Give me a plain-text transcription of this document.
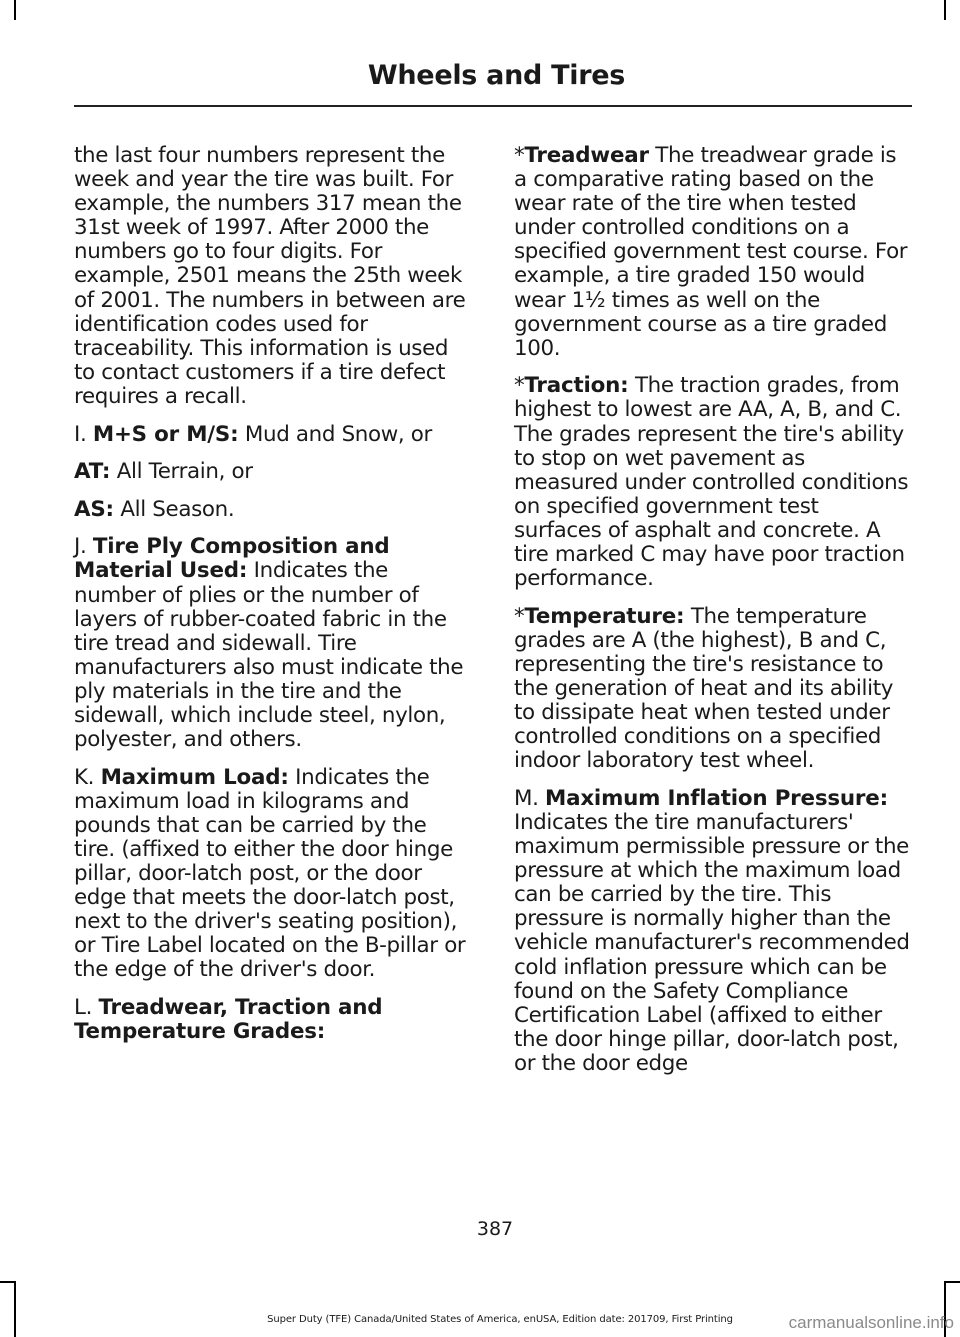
Wheels and Tires

the last four numbers represent the week and year the tire was built. For example, the numbers 317 mean the 31st week of 1997. After 2000 the numbers go to four digits. For example, 2501 means the 25th week of 2001. The numbers in between are identification codes used for traceability. This information is used to contact customers if a tire defect requires a recall.

I. M+S or M/S: Mud and Snow, or

AT: All Terrain, or

AS: All Season.

J. Tire Ply Composition and Material Used: Indicates the number of plies or the number of layers of rubber-coated fabric in the tire tread and sidewall. Tire manufacturers also must indicate the ply materials in the tire and the sidewall, which include steel, nylon, polyester, and others.

K. Maximum Load: Indicates the maximum load in kilograms and pounds that can be carried by the tire. (affixed to either the door hinge pillar, door-latch post, or the door edge that meets the door-latch post, next to the driver's seating position), or Tire Label located on the B-pillar or the edge of the driver's door.

L. Treadwear, Traction and Temperature Grades:

*Treadwear The treadwear grade is a comparative rating based on the wear rate of the tire when tested under controlled conditions on a specified government test course. For example, a tire graded 150 would wear 1½ times as well on the government course as a tire graded 100.

*Traction: The traction grades, from highest to lowest are AA, A, B, and C. The grades represent the tire's ability to stop on wet pavement as measured under controlled conditions on specified government test surfaces of asphalt and concrete. A tire marked C may have poor traction performance.

*Temperature: The temperature grades are A (the highest), B and C, representing the tire's resistance to the generation of heat and its ability to dissipate heat when tested under controlled conditions on a specified indoor laboratory test wheel.

M. Maximum Inflation Pressure: Indicates the tire manufacturers' maximum permissible pressure or the pressure at which the maximum load can be carried by the tire. This pressure is normally higher than the vehicle manufacturer's recommended cold inflation pressure which can be found on the Safety Compliance Certification Label (affixed to either the door hinge pillar, door-latch post, or the door edge

387
Super Duty (TFE) Canada/United States of America, enUSA, Edition date: 201709, First Printing	carmanualsonline.info
